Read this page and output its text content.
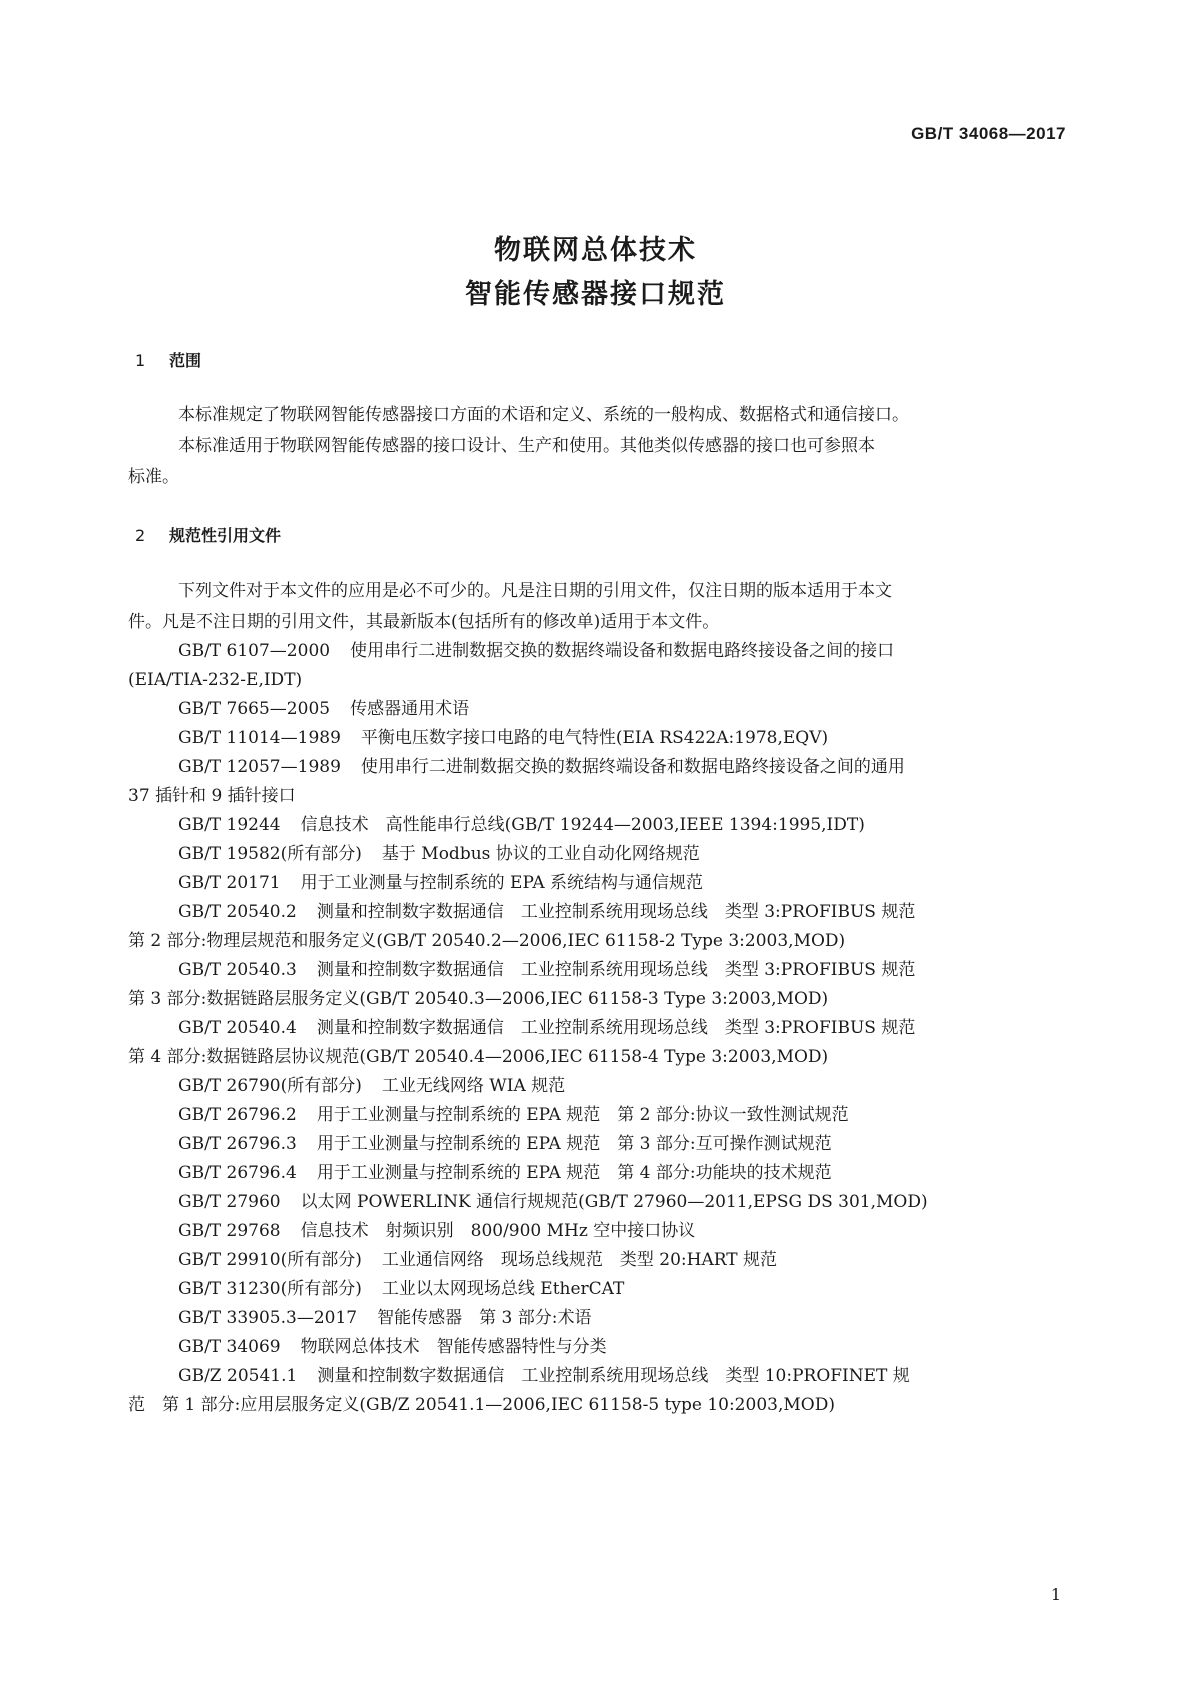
GB/T 34068—2017
物联网总体技术
智能传感器接口规范
1 范围
本标准规定了物联网智能传感器接口方面的术语和定义、系统的一般构成、数据格式和通信接口。
本标准适用于物联网智能传感器的接口设计、生产和使用。其他类似传感器的接口也可参照本
标准。
2 规范性引用文件
下列文件对于本文件的应用是必不可少的。凡是注日期的引用文件，仅注日期的版本适用于本文
件。凡是不注日期的引用文件，其最新版本(包括所有的修改单)适用于本文件。
GB/T 6107—2000 使用串行二进制数据交换的数据终端设备和数据电路终接设备之间的接口
(EIA/TIA-232-E,IDT)
GB/T 7665—2005 传感器通用术语
GB/T 11014—1989 平衡电压数字接口电路的电气特性(EIA RS422A:1978,EQV)
GB/T 12057—1989 使用串行二进制数据交换的数据终端设备和数据电路终接设备之间的通用
37 插针和 9 插针接口
GB/T 19244 信息技术　高性能串行总线(GB/T 19244—2003,IEEE 1394:1995,IDT)
GB/T 19582(所有部分) 基于 Modbus 协议的工业自动化网络规范
GB/T 20171 用于工业测量与控制系统的 EPA 系统结构与通信规范
GB/T 20540.2 测量和控制数字数据通信　工业控制系统用现场总线　类型 3:PROFIBUS 规范
第 2 部分:物理层规范和服务定义(GB/T 20540.2—2006,IEC 61158-2 Type 3:2003,MOD)
GB/T 20540.3 测量和控制数字数据通信　工业控制系统用现场总线　类型 3:PROFIBUS 规范
第 3 部分:数据链路层服务定义(GB/T 20540.3—2006,IEC 61158-3 Type 3:2003,MOD)
GB/T 20540.4 测量和控制数字数据通信　工业控制系统用现场总线　类型 3:PROFIBUS 规范
第 4 部分:数据链路层协议规范(GB/T 20540.4—2006,IEC 61158-4 Type 3:2003,MOD)
GB/T 26790(所有部分) 工业无线网络 WIA 规范
GB/T 26796.2 用于工业测量与控制系统的 EPA 规范　第 2 部分:协议一致性测试规范
GB/T 26796.3 用于工业测量与控制系统的 EPA 规范　第 3 部分:互可操作测试规范
GB/T 26796.4 用于工业测量与控制系统的 EPA 规范　第 4 部分:功能块的技术规范
GB/T 27960 以太网 POWERLINK 通信行规规范(GB/T 27960—2011,EPSG DS 301,MOD)
GB/T 29768 信息技术　射频识别　800/900 MHz 空中接口协议
GB/T 29910(所有部分) 工业通信网络　现场总线规范　类型 20:HART 规范
GB/T 31230(所有部分) 工业以太网现场总线 EtherCAT
GB/T 33905.3—2017 智能传感器　第 3 部分:术语
GB/T 34069 物联网总体技术　智能传感器特性与分类
GB/Z 20541.1 测量和控制数字数据通信　工业控制系统用现场总线　类型 10:PROFINET 规
范　第 1 部分:应用层服务定义(GB/Z 20541.1—2006,IEC 61158-5 type 10:2003,MOD)
1
